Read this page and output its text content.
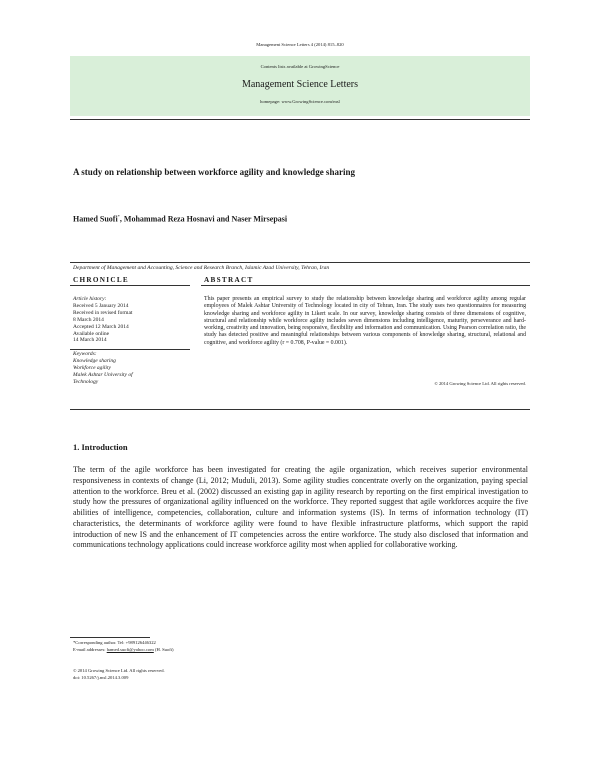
Management Science Letters 4 (2014) 815–820
Contents lists available at GrowingScience
Management Science Letters
homepage: www.GrowingScience.com/msl
A study on relationship between workforce agility and knowledge sharing
Hamed Suofi*, Mohammad Reza Hosnavi and Naser Mirsepasi
Department of Management and Accounting, Science and Research Branch, Islamic Azad University, Tehran, Iran
CHRONICLE	ABSTRACT
Article history:
Received 5 January 2014
Received in revised format
8 March 2014
Accepted 12 March 2014
Available online
14 March 2014
Keywords:
Knowledge sharing
Workforce agility
Malek Ashtar University of
Technology
This paper presents an empirical survey to study the relationship between knowledge sharing and workforce agility among regular employees of Malek Ashtar University of Technology located in city of Tehran, Iran. The study uses two questionnaires for measuring knowledge sharing and workforce agility in Likert scale. In our survey, knowledge sharing consists of three dimensions of cognitive, structural and relationship while workforce agility includes seven dimensions including intelligence, maturity, perseverance and hard-working, creativity and innovation, being responsive, flexibility and information and communication. Using Pearson correlation ratio, the study has detected positive and meaningful relationships between various components of knowledge sharing, structural, relational and cognitive, and workforce agility (r = 0.708, P-value = 0.001).
© 2014 Growing Science Ltd. All rights reserved.
1. Introduction
The term of the agile workforce has been investigated for creating the agile organization, which receives superior environmental responsiveness in contexts of change (Li, 2012; Muduli, 2013). Some agility studies concentrate overly on the organization, paying special attention to the workforce. Breu et al. (2002) discussed an existing gap in agility research by reporting on the first empirical investigation to study how the pressures of organizational agility influenced on the workforce. They reported suggest that agile workforces acquire the five abilities of intelligence, competencies, collaboration, culture and information systems (IS). In terms of information technology (IT) characteristics, the determinants of workforce agility were found to have flexible infrastructure platforms, which support the rapid introduction of new IS and the enhancement of IT competencies across the entire workforce. The study also disclosed that information and communications technology applications could increase workforce agility most when applied for collaborative working.
*Corresponding author. Tel: +989126446322
E-mail addresses: hamed.suofi@yahoo.com (H. Suofi)
© 2014 Growing Science Ltd. All rights reserved.
doi: 10.5267/j.msl.2014.3.009
